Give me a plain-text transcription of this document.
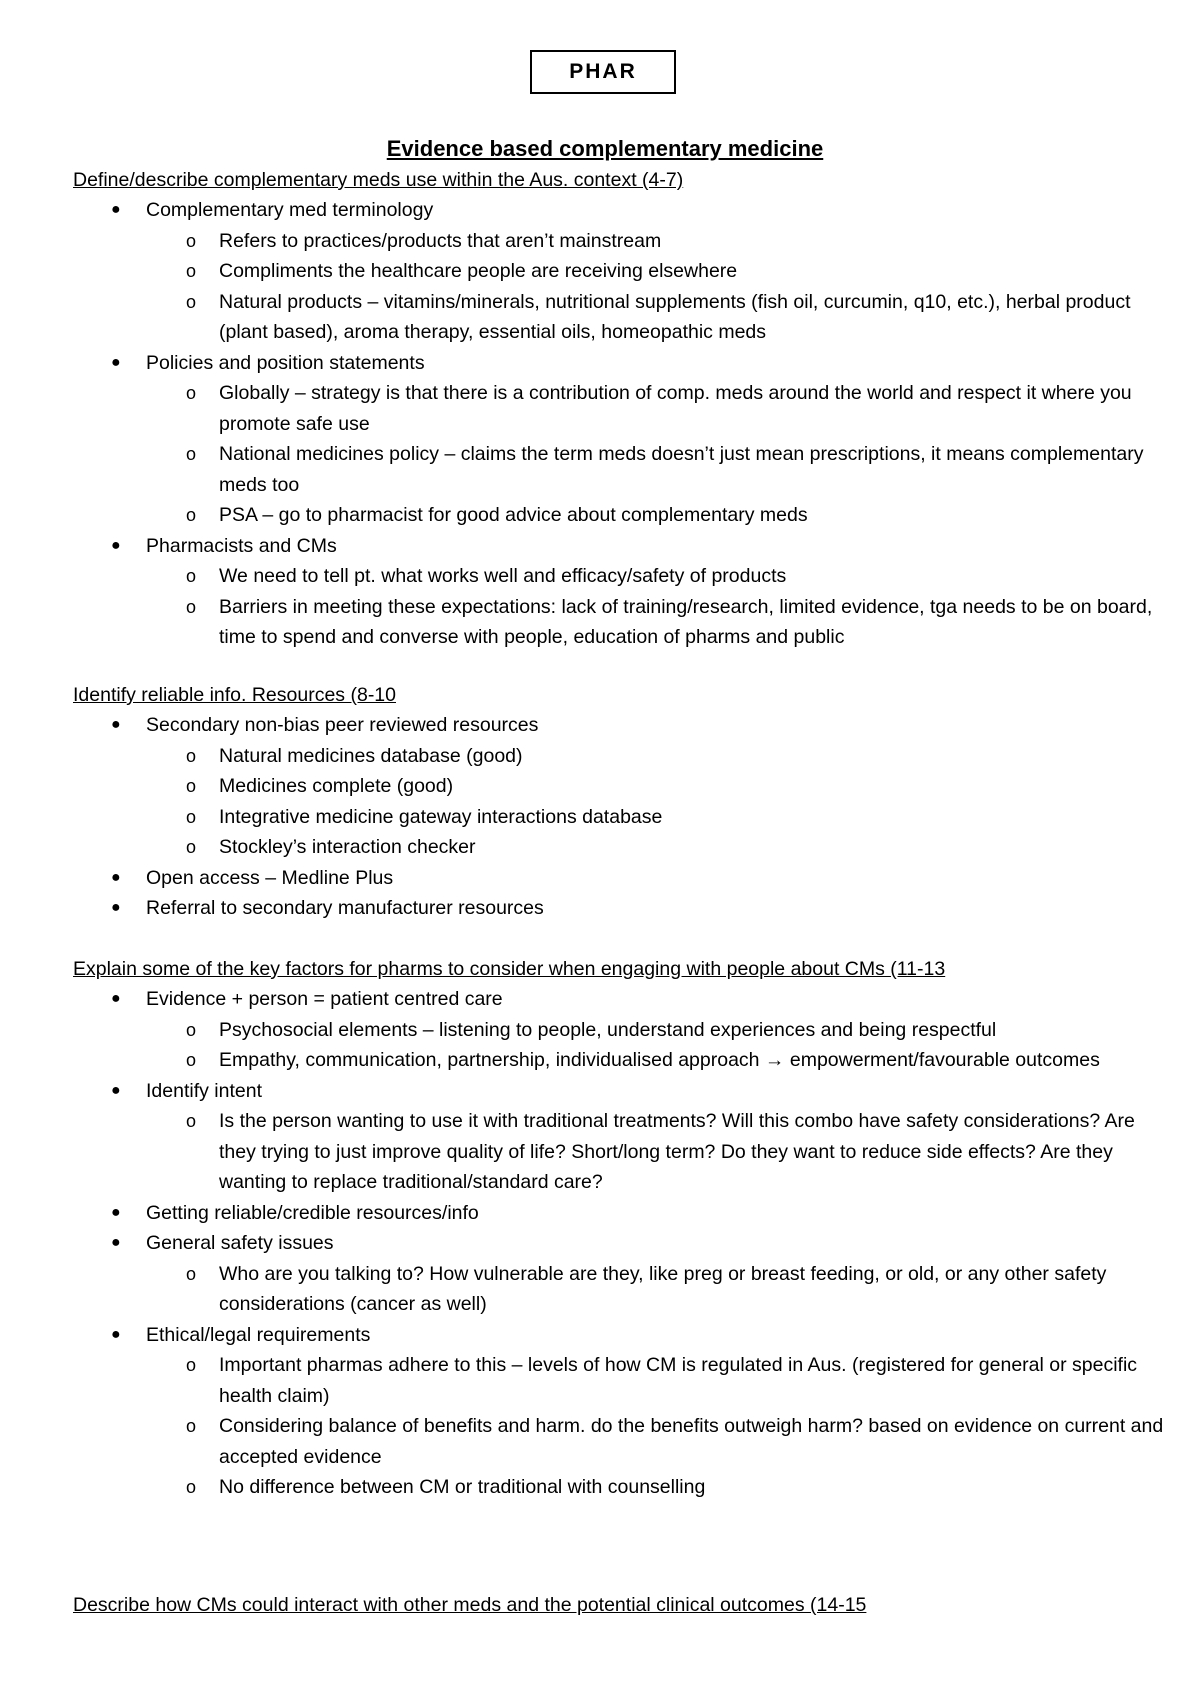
PHAR
Evidence based complementary medicine
Define/describe complementary meds use within the Aus. context (4-7)
● Complementary med terminology
o Refers to practices/products that aren’t mainstream
o Compliments the healthcare people are receiving elsewhere
o Natural products – vitamins/minerals, nutritional supplements (fish oil, curcumin, q10, etc.), herbal product (plant based), aroma therapy, essential oils, homeopathic meds
● Policies and position statements
o Globally – strategy is that there is a contribution of comp. meds around the world and respect it where you promote safe use
o National medicines policy – claims the term meds doesn’t just mean prescriptions, it means complementary meds too
o PSA – go to pharmacist for good advice about complementary meds
● Pharmacists and CMs
o We need to tell pt. what works well and efficacy/safety of products
o Barriers in meeting these expectations: lack of training/research, limited evidence, tga needs to be on board, time to spend and converse with people, education of pharms and public
Identify reliable info. Resources (8-10
● Secondary non-bias peer reviewed resources
o Natural medicines database (good)
o Medicines complete (good)
o Integrative medicine gateway interactions database
o Stockley’s interaction checker
● Open access – Medline Plus
● Referral to secondary manufacturer resources
Explain some of the key factors for pharms to consider when engaging with people about CMs (11-13
● Evidence + person = patient centred care
o Psychosocial elements – listening to people, understand experiences and being respectful
o Empathy, communication, partnership, individualised approach → empowerment/favourable outcomes
● Identify intent
o Is the person wanting to use it with traditional treatments? Will this combo have safety considerations? Are they trying to just improve quality of life? Short/long term? Do they want to reduce side effects? Are they wanting to replace traditional/standard care?
● Getting reliable/credible resources/info
● General safety issues
o Who are you talking to? How vulnerable are they, like preg or breast feeding, or old, or any other safety considerations (cancer as well)
● Ethical/legal requirements
o Important pharmas adhere to this – levels of how CM is regulated in Aus. (registered for general or specific health claim)
o Considering balance of benefits and harm. do the benefits outweigh harm? based on evidence on current and accepted evidence
o No difference between CM or traditional with counselling
Describe how CMs could interact with other meds and the potential clinical outcomes (14-15
